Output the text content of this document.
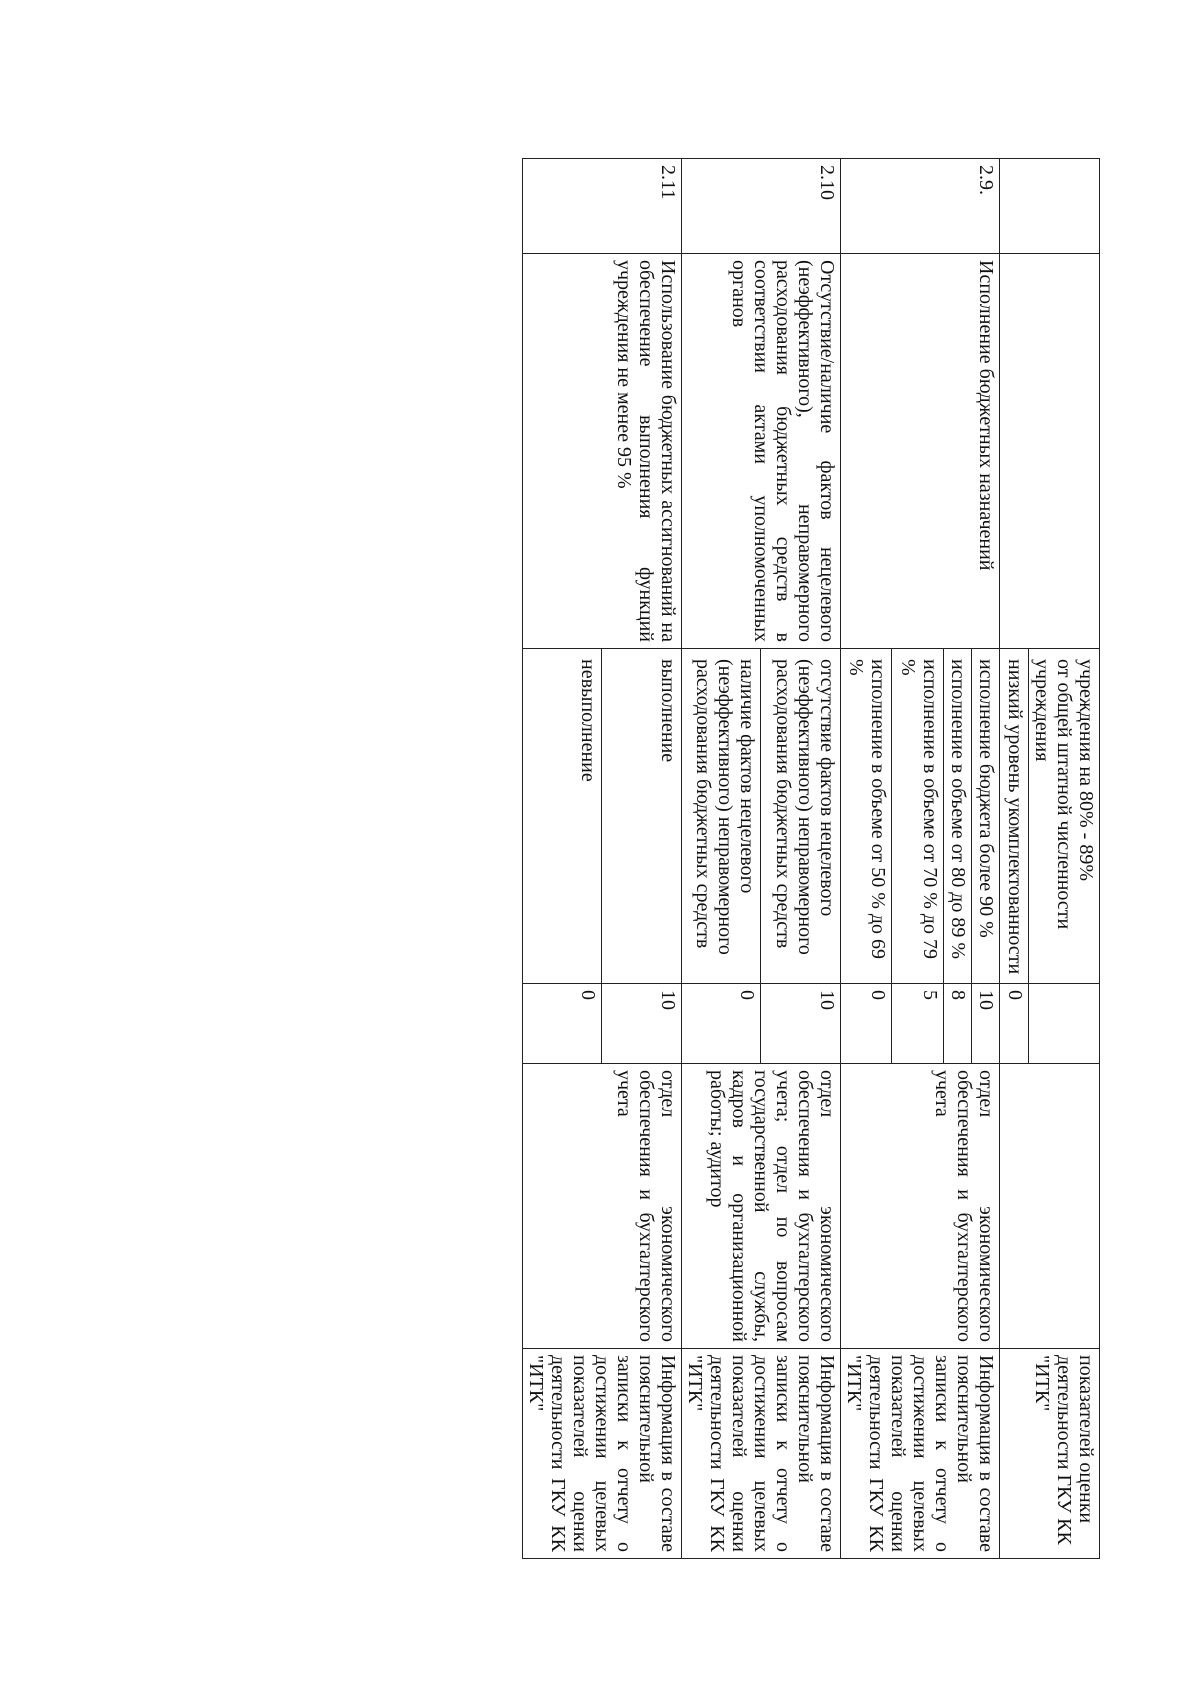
		учреждения на 80% - 89%
от общей штатной численности
учреждения
низкий уровень укомплектованности	0		показателей оценки деятельности ГКУ КК "ИТК"
2.9.	Исполнение бюджетных назначений	исполнение бюджета более 90 %	10	отдел экономического обеспечения и бухгалтерского учета	Информация в составе пояснительной записки к отчету о достижении целевых показателей оценки деятельности ГКУ КК "ИТК"
		исполнение в объеме от 80 до 89 %	8		
		исполнение в объеме от 70 % до 79 %	5		
		исполнение в объеме от 50 % до 69 %	0		
2.10	Отсутствие/наличие фактов нецелевого (неэффективного), неправомерного расходования бюджетных средств в соответствии актами уполномоченных органов	отсутствие фактов нецелевого (неэффективного) неправомерного расходования бюджетных средств	10	отдел экономического обеспечения и бухгалтерского учета; отдел по вопросам государственной службы, кадров и организационной работы; аудитор	Информация в составе пояснительной записки к отчету о достижении целевых показателей оценки деятельности ГКУ КК "ИТК"
		наличие фактов нецелевого (неэффективного) неправомерного расходования бюджетных средств	0		
2.11	Использование бюджетных ассигнований на обеспечение выполнения функций учреждения не менее 95 %	выполнение	10	отдел экономического обеспечения и бухгалтерского учета	Информация в составе пояснительной записки к отчету о достижении целевых показателей оценки деятельности ГКУ КК "ИТК"
		невыполнение	0		
